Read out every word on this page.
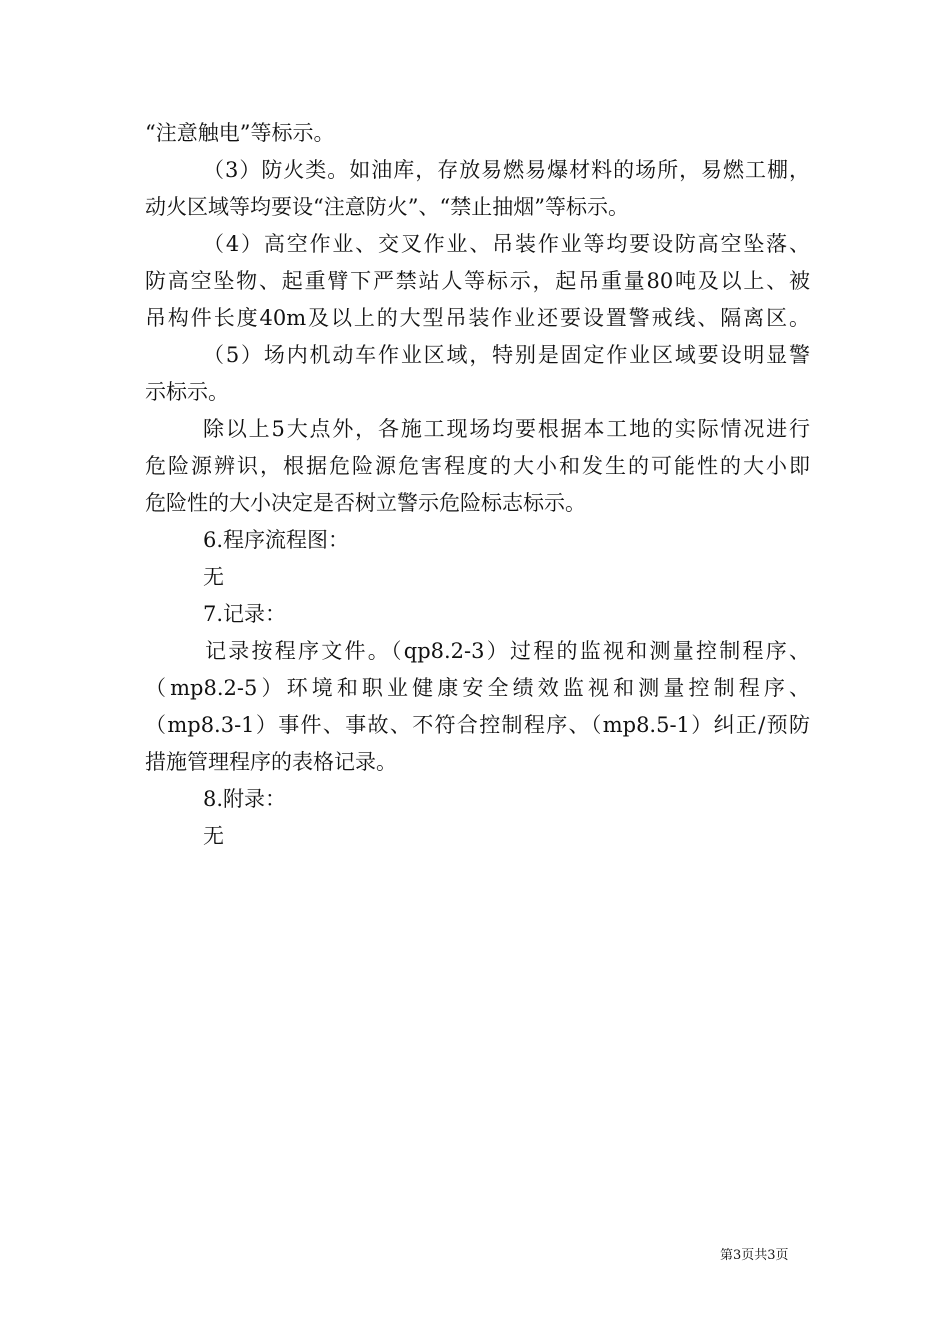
“注意触电”等标示。
（3）防火类。如油库，存放易燃易爆材料的场所，易燃工棚，
动火区域等均要设“注意防火”、“禁止抽烟”等标示。
（4）高空作业、交叉作业、吊装作业等均要设防高空坠落、
防高空坠物、起重臂下严禁站人等标示，起吊重量80吨及以上、被
吊构件长度40m及以上的大型吊装作业还要设置警戒线、隔离区。
（5）场内机动车作业区域，特别是固定作业区域要设明显警
示标示。
除以上5大点外，各施工现场均要根据本工地的实际情况进行
危险源辨识，根据危险源危害程度的大小和发生的可能性的大小即
危险性的大小决定是否树立警示危险标志标示。
6.程序流程图：
无
7.记录：
记录按程序文件。（qp8.2-3）过程的监视和测量控制程序、
（mp8.2-5）环境和职业健康安全绩效监视和测量控制程序、
（mp8.3-1）事件、事故、不符合控制程序、（mp8.5-1）纠正/预防
措施管理程序的表格记录。
8.附录：
无
第3页共3页
